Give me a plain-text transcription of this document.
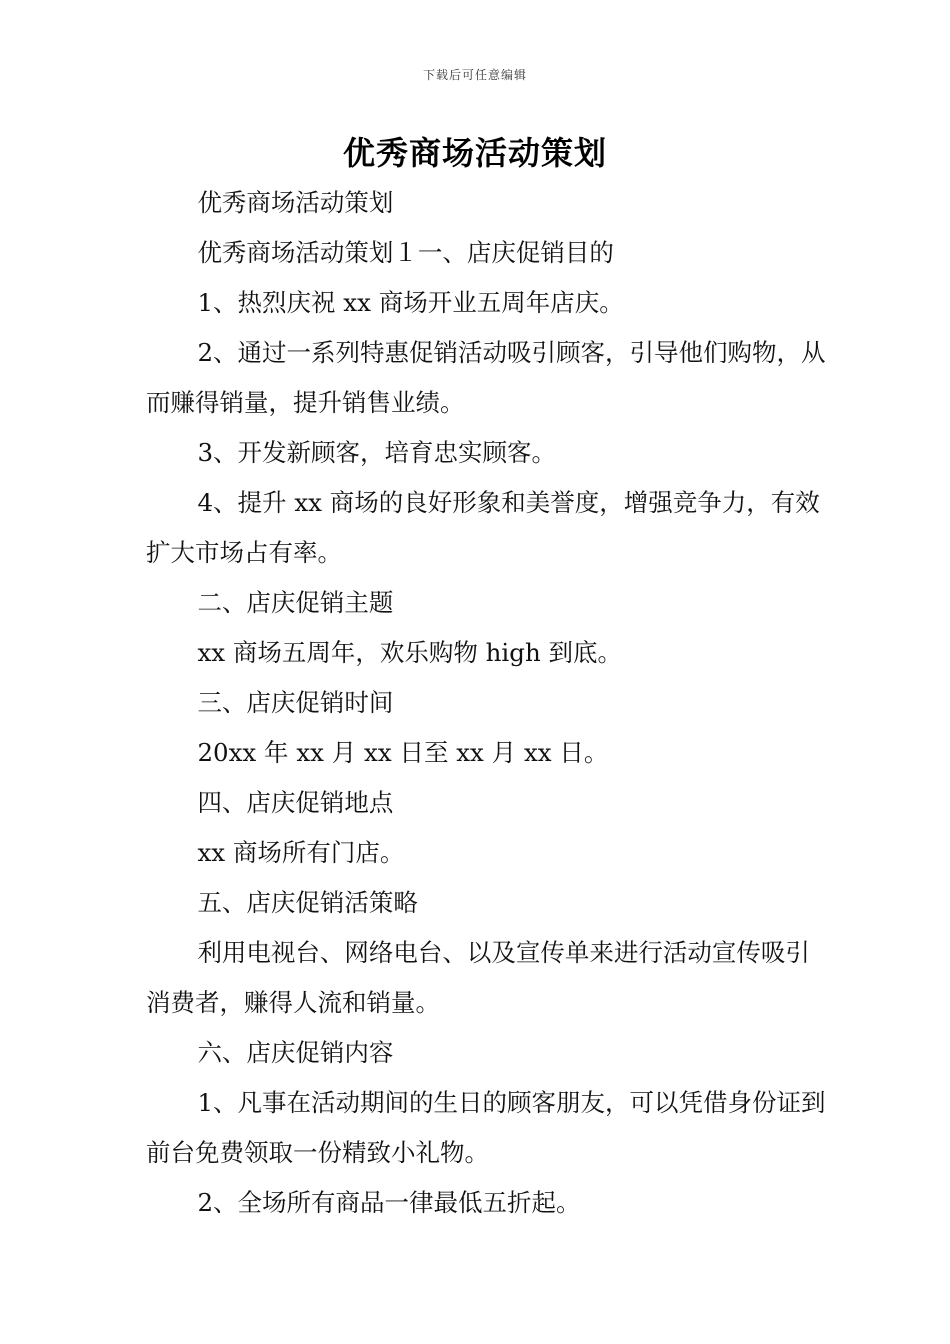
下载后可任意编辑
优秀商场活动策划

优秀商场活动策划

优秀商场活动策划１一、店庆促销目的

1、热烈庆祝 xx 商场开业五周年店庆。

2、通过一系列特惠促销活动吸引顾客，引导他们购物，从而赚得销量，提升销售业绩。

3、开发新顾客，培育忠实顾客。

4、提升 xx 商场的良好形象和美誉度，增强竞争力，有效扩大市场占有率。

二、店庆促销主题

xx 商场五周年，欢乐购物 high 到底。

三、店庆促销时间

20xx 年 xx 月 xx 日至 xx 月 xx 日。

四、店庆促销地点

xx 商场所有门店。

五、店庆促销活策略

利用电视台、网络电台、以及宣传单来进行活动宣传吸引消费者，赚得人流和销量。

六、店庆促销内容

1、凡事在活动期间的生日的顾客朋友，可以凭借身份证到前台免费领取一份精致小礼物。

2、全场所有商品一律最低五折起。
